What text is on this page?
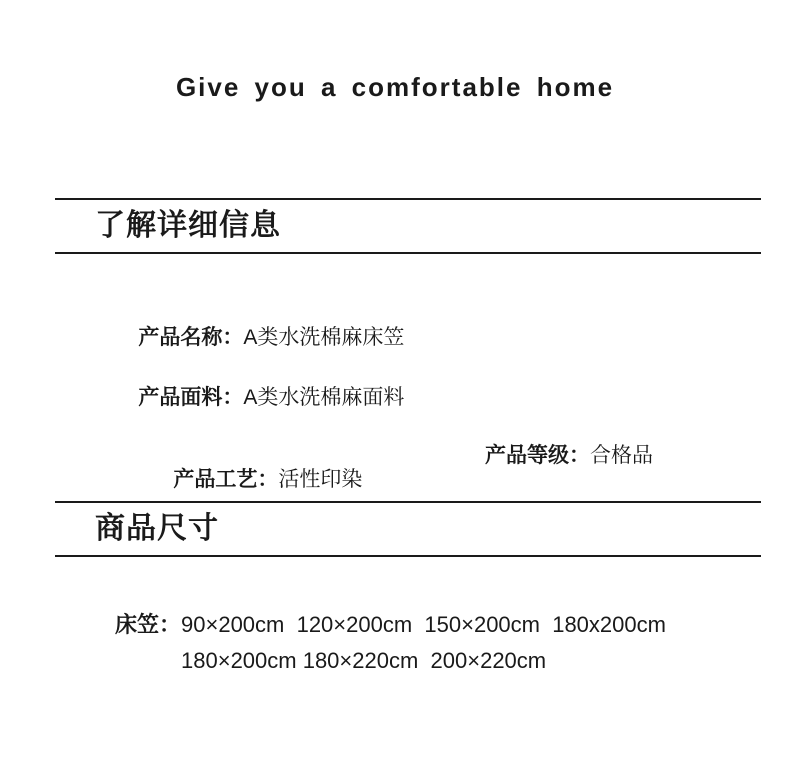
Give you a comfortable home
了解详细信息

产品名称：A类水洗棉麻床笠

产品面料：A类水洗棉麻面料

产品工艺：活性印染

产品等级：合格品

商品尺寸
床笠： 90×200cm  120×200cm  150×200cm  180x200cm
180×200cm 180×220cm  200×220cm
